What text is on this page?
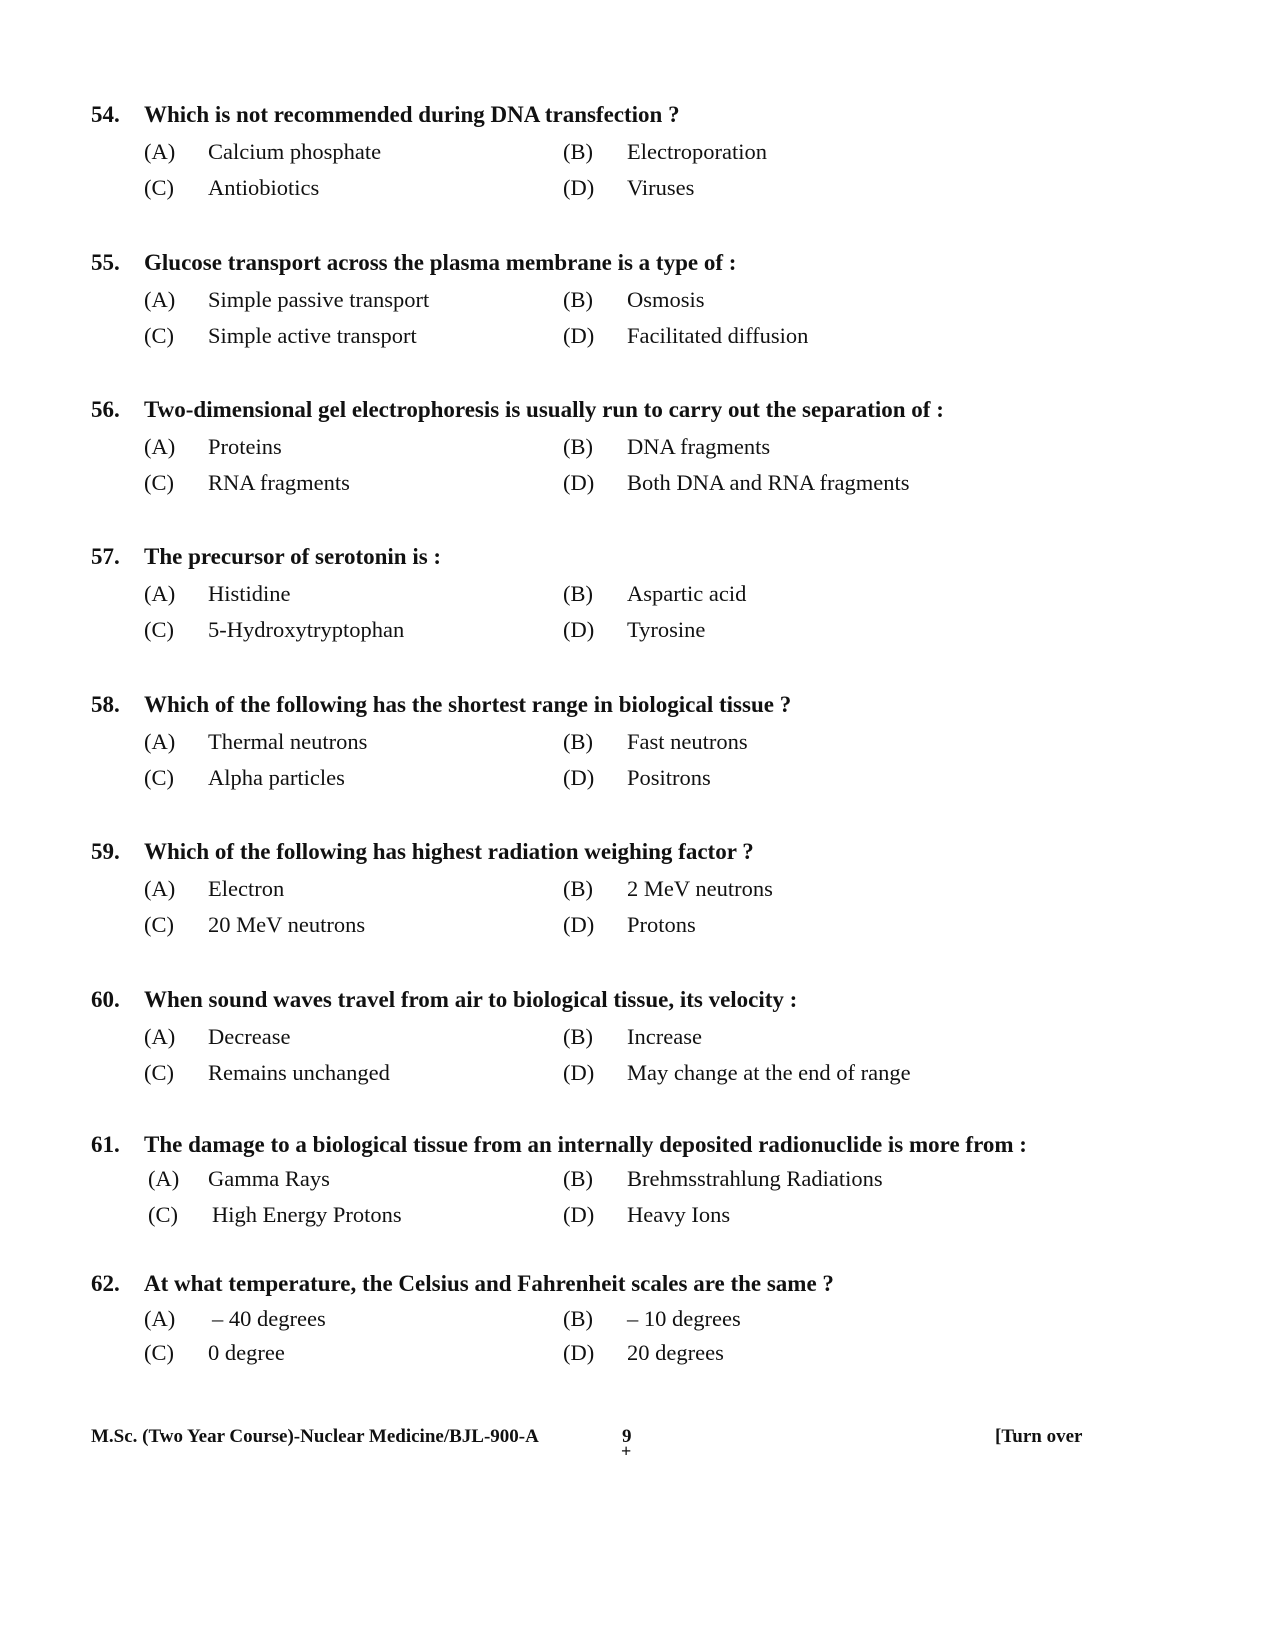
54. Which is not recommended during DNA transfection ?
(A) Calcium phosphate	(B) Electroporation
(C) Antiobiotics	(D) Viruses
55. Glucose transport across the plasma membrane is a type of :
(A) Simple passive transport	(B) Osmosis
(C) Simple active transport	(D) Facilitated diffusion
56. Two-dimensional gel electrophoresis is usually run to carry out the separation of :
(A) Proteins	(B) DNA fragments
(C) RNA fragments	(D) Both DNA and RNA fragments
57. The precursor of serotonin is :
(A) Histidine	(B) Aspartic acid
(C) 5-Hydroxytryptophan	(D) Tyrosine
58. Which of the following has the shortest range in biological tissue ?
(A) Thermal neutrons	(B) Fast neutrons
(C) Alpha particles	(D) Positrons
59. Which of the following has highest radiation weighing factor ?
(A) Electron	(B) 2 MeV neutrons
(C) 20 MeV neutrons	(D) Protons
60. When sound waves travel from air to biological tissue, its velocity :
(A) Decrease	(B) Increase
(C) Remains unchanged	(D) May change at the end of range
61. The damage to a biological tissue from an internally deposited radionuclide is more from :
(A) Gamma Rays	(B) Brehmsstrahlung Radiations
(C) High Energy Protons	(D) Heavy Ions
62. At what temperature, the Celsius and Fahrenheit scales are the same ?
(A) – 40 degrees	(B) – 10 degrees
(C) 0 degree	(D) 20 degrees
M.Sc. (Two Year Course)-Nuclear Medicine/BJL-900-A	9
+
[Turn over
